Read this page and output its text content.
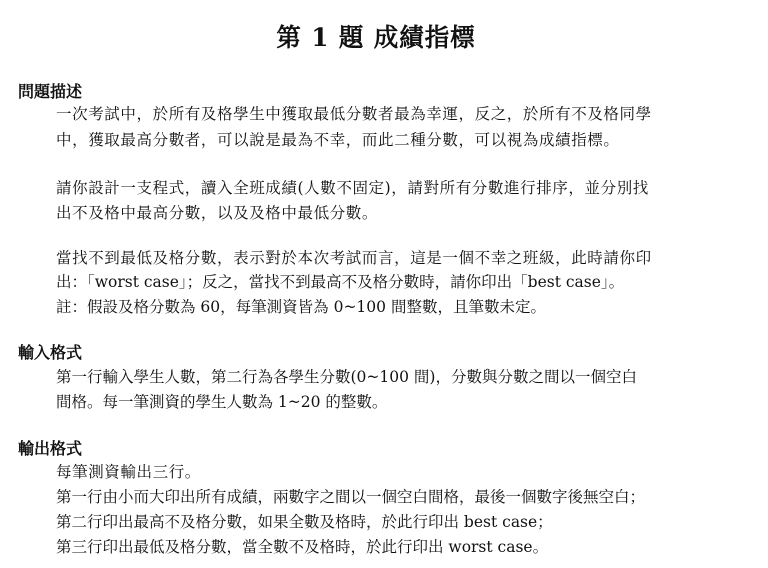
第 1 題 成績指標
問題描述
一次考試中，於所有及格學生中獲取最低分數者最為幸運，反之，於所有不及格同學
中，獲取最高分數者，可以說是最為不幸，而此二種分數，可以視為成績指標。
請你設計一支程式，讀入全班成績(人數不固定)，請對所有分數進行排序，並分別找
出不及格中最高分數，以及及格中最低分數。
當找不到最低及格分數，表示對於本次考試而言，這是一個不幸之班級，此時請你印
出：「worst case」；反之，當找不到最高不及格分數時，請你印出「best case」。
註：假設及格分數為 60，每筆測資皆為 0~100 間整數，且筆數未定。
輸入格式
第一行輸入學生人數，第二行為各學生分數(0~100 間)，分數與分數之間以一個空白
間格。每一筆測資的學生人數為 1~20 的整數。
輸出格式
每筆測資輸出三行。
第一行由小而大印出所有成績，兩數字之間以一個空白間格，最後一個數字後無空白；
第二行印出最高不及格分數，如果全數及格時，於此行印出 best case；
第三行印出最低及格分數，當全數不及格時，於此行印出 worst case。
